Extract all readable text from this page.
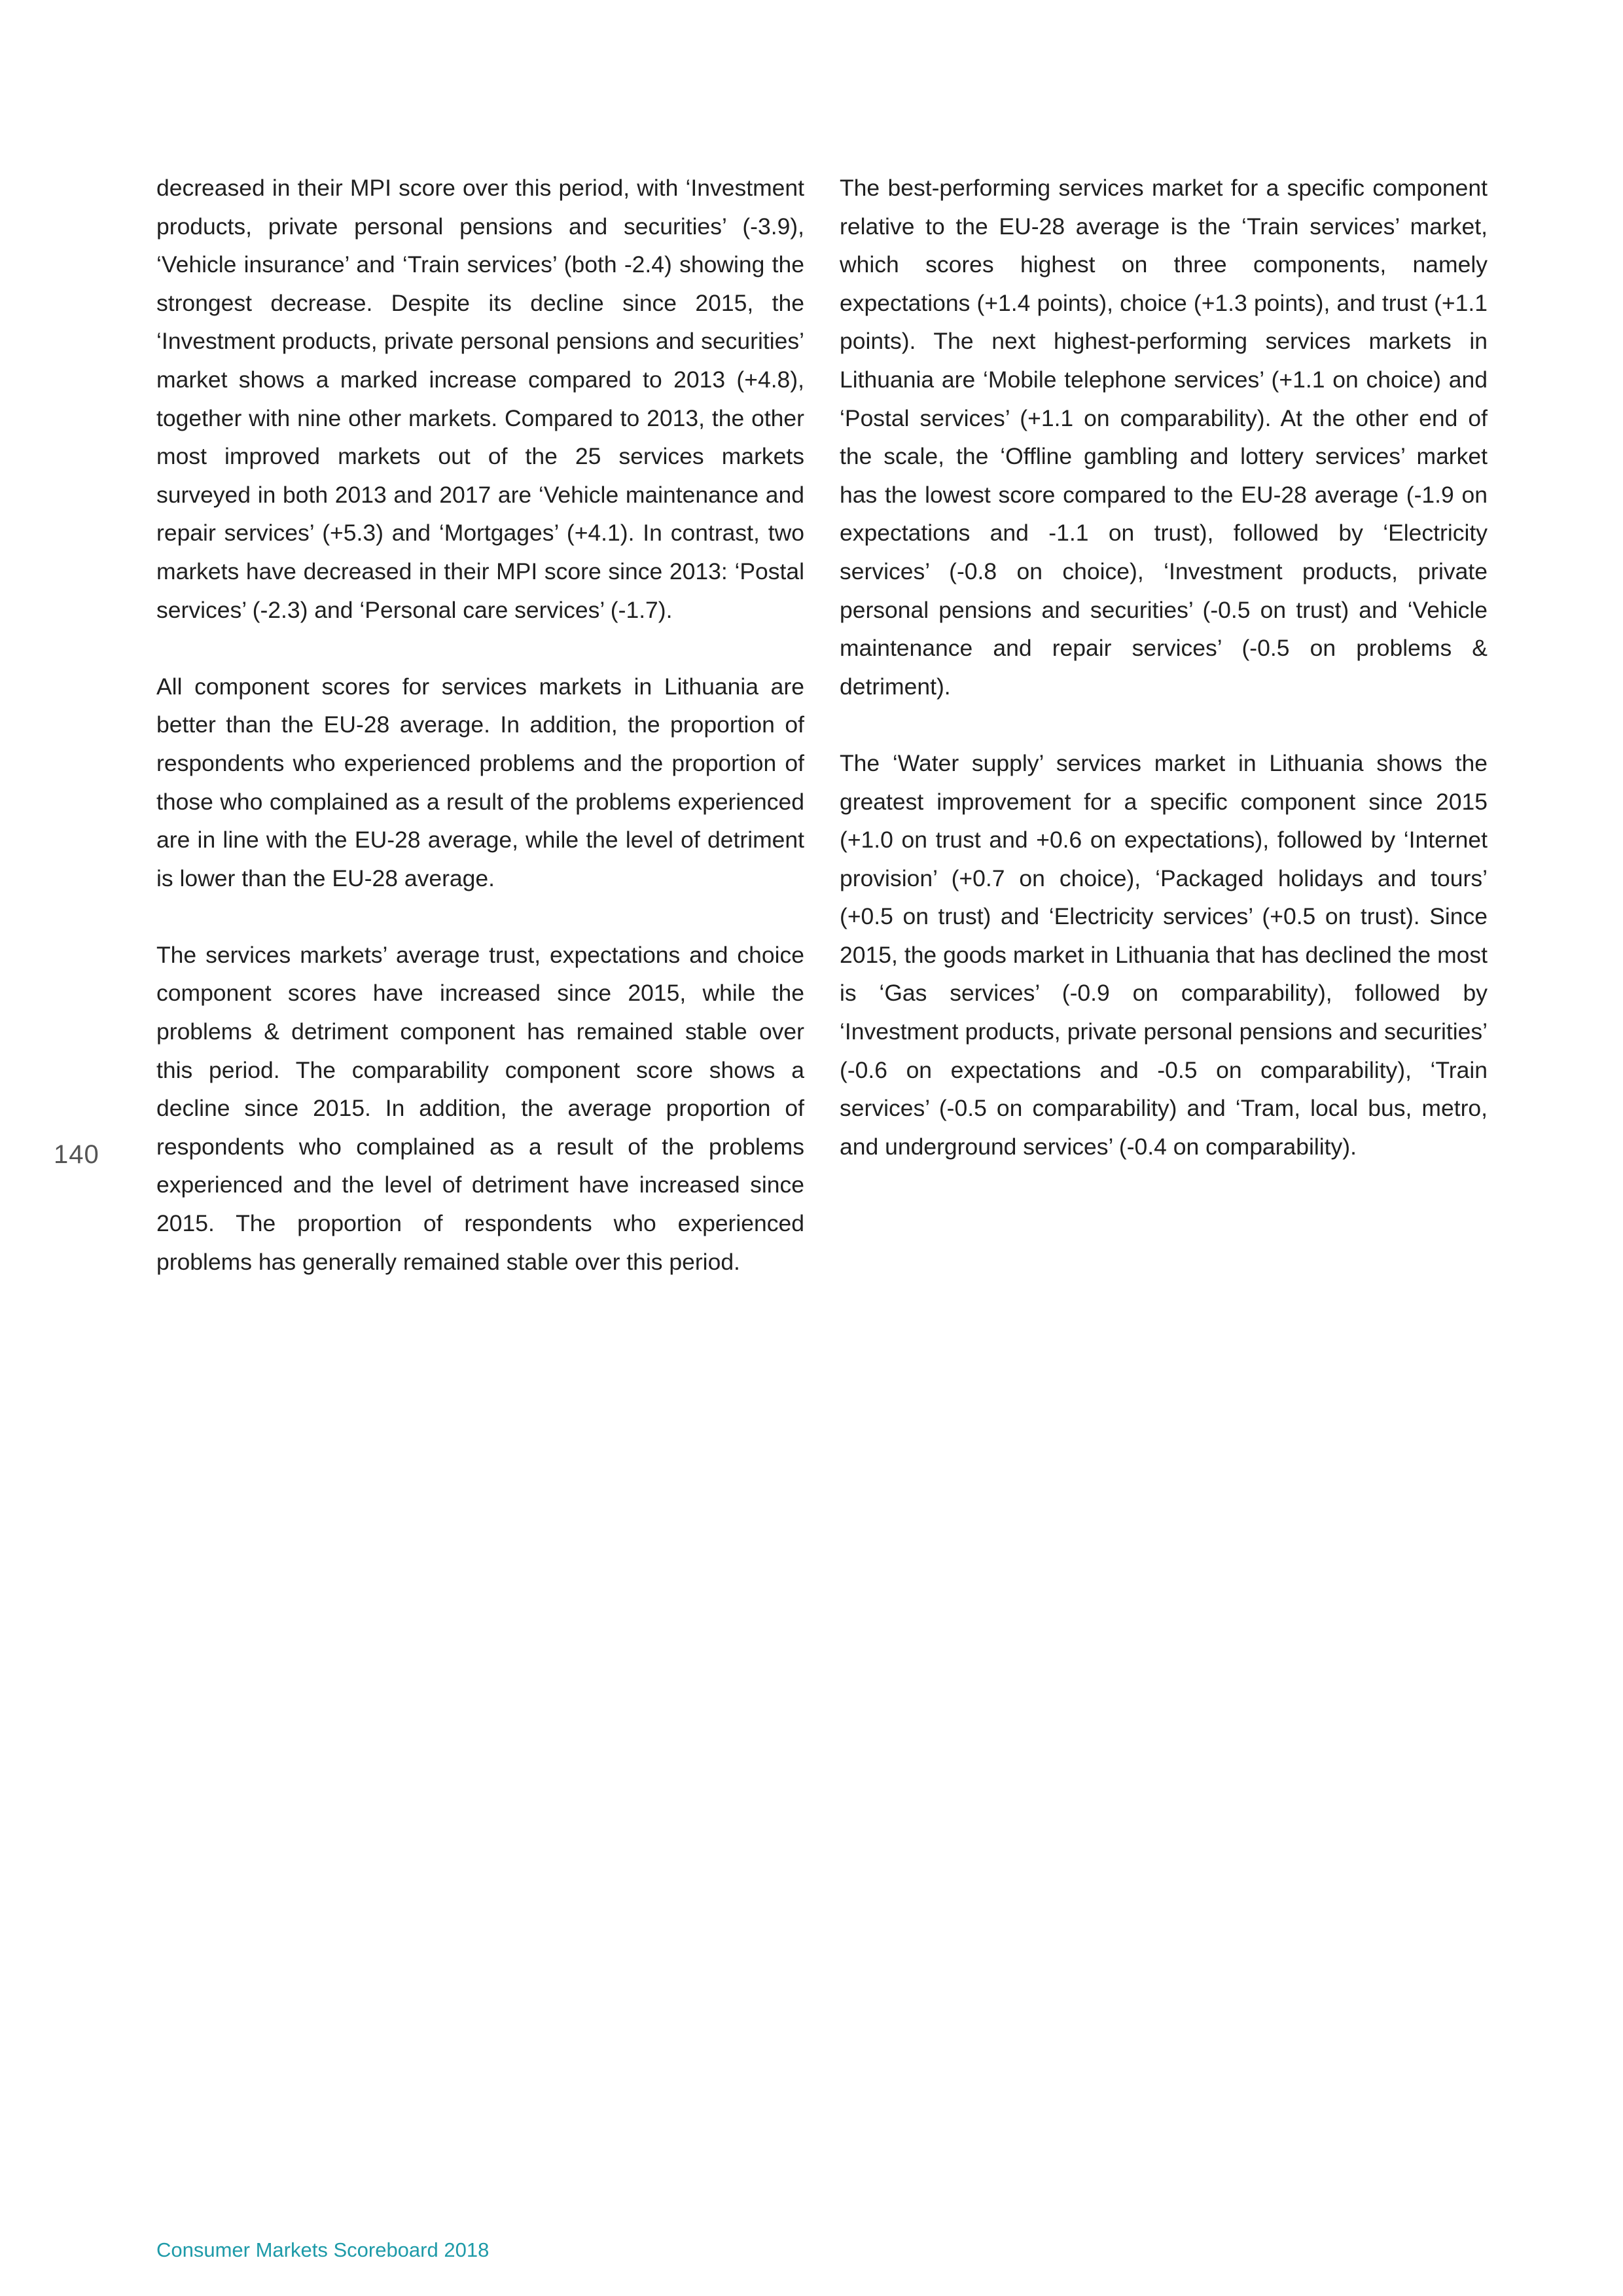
140

decreased in their MPI score over this period, with ‘Investment products, private personal pensions and securities’ (-3.9), ‘Vehicle insurance’ and ‘Train services’ (both -2.4) showing the strongest decrease. Despite its decline since 2015, the ‘Investment products, private personal pensions and securities’ market shows a marked increase compared to 2013 (+4.8), together with nine other markets. Compared to 2013, the other most improved markets out of the 25 services markets surveyed in both 2013 and 2017 are ‘Vehicle maintenance and repair services’ (+5.3) and ‘Mortgages’ (+4.1). In contrast, two markets have decreased in their MPI score since 2013: ‘Postal services’ (-2.3) and ‘Personal care services’ (-1.7).

All component scores for services markets in Lithuania are better than the EU-28 average. In addition, the proportion of respondents who experienced problems and the proportion of those who complained as a result of the problems experienced are in line with the EU-28 average, while the level of detriment is lower than the EU-28 average.

The services markets’ average trust, expectations and choice component scores have increased since 2015, while the problems & detriment component has remained stable over this period. The comparability component score shows a decline since 2015. In addition, the average proportion of respondents who complained as a result of the problems experienced and the level of detriment have increased since 2015. The proportion of respondents who experienced problems has generally remained stable over this period.

The best-performing services market for a specific component relative to the EU-28 average is the ‘Train services’ market, which scores highest on three components, namely expectations (+1.4 points), choice (+1.3 points), and trust (+1.1 points). The next highest-performing services markets in Lithuania are ‘Mobile telephone services’ (+1.1 on choice) and ‘Postal services’ (+1.1 on comparability). At the other end of the scale, the ‘Offline gambling and lottery services’ market has the lowest score compared to the EU-28 average (-1.9 on expectations and -1.1 on trust), followed by ‘Electricity services’ (-0.8 on choice), ‘Investment products, private personal pensions and securities’ (-0.5 on trust) and ‘Vehicle maintenance and repair services’ (-0.5 on problems & detriment).

The ‘Water supply’ services market in Lithuania shows the greatest improvement for a specific component since 2015 (+1.0 on trust and +0.6 on expectations), followed by ‘Internet provision’ (+0.7 on choice), ‘Packaged holidays and tours’ (+0.5 on trust) and ‘Electricity services’ (+0.5 on trust). Since 2015, the goods market in Lithuania that has declined the most is ‘Gas services’ (-0.9 on comparability), followed by ‘Investment products, private personal pensions and securities’ (-0.6 on expectations and -0.5 on comparability), ‘Train services’ (-0.5 on comparability) and ‘Tram, local bus, metro, and underground services’ (-0.4 on comparability).

Consumer Markets Scoreboard 2018
